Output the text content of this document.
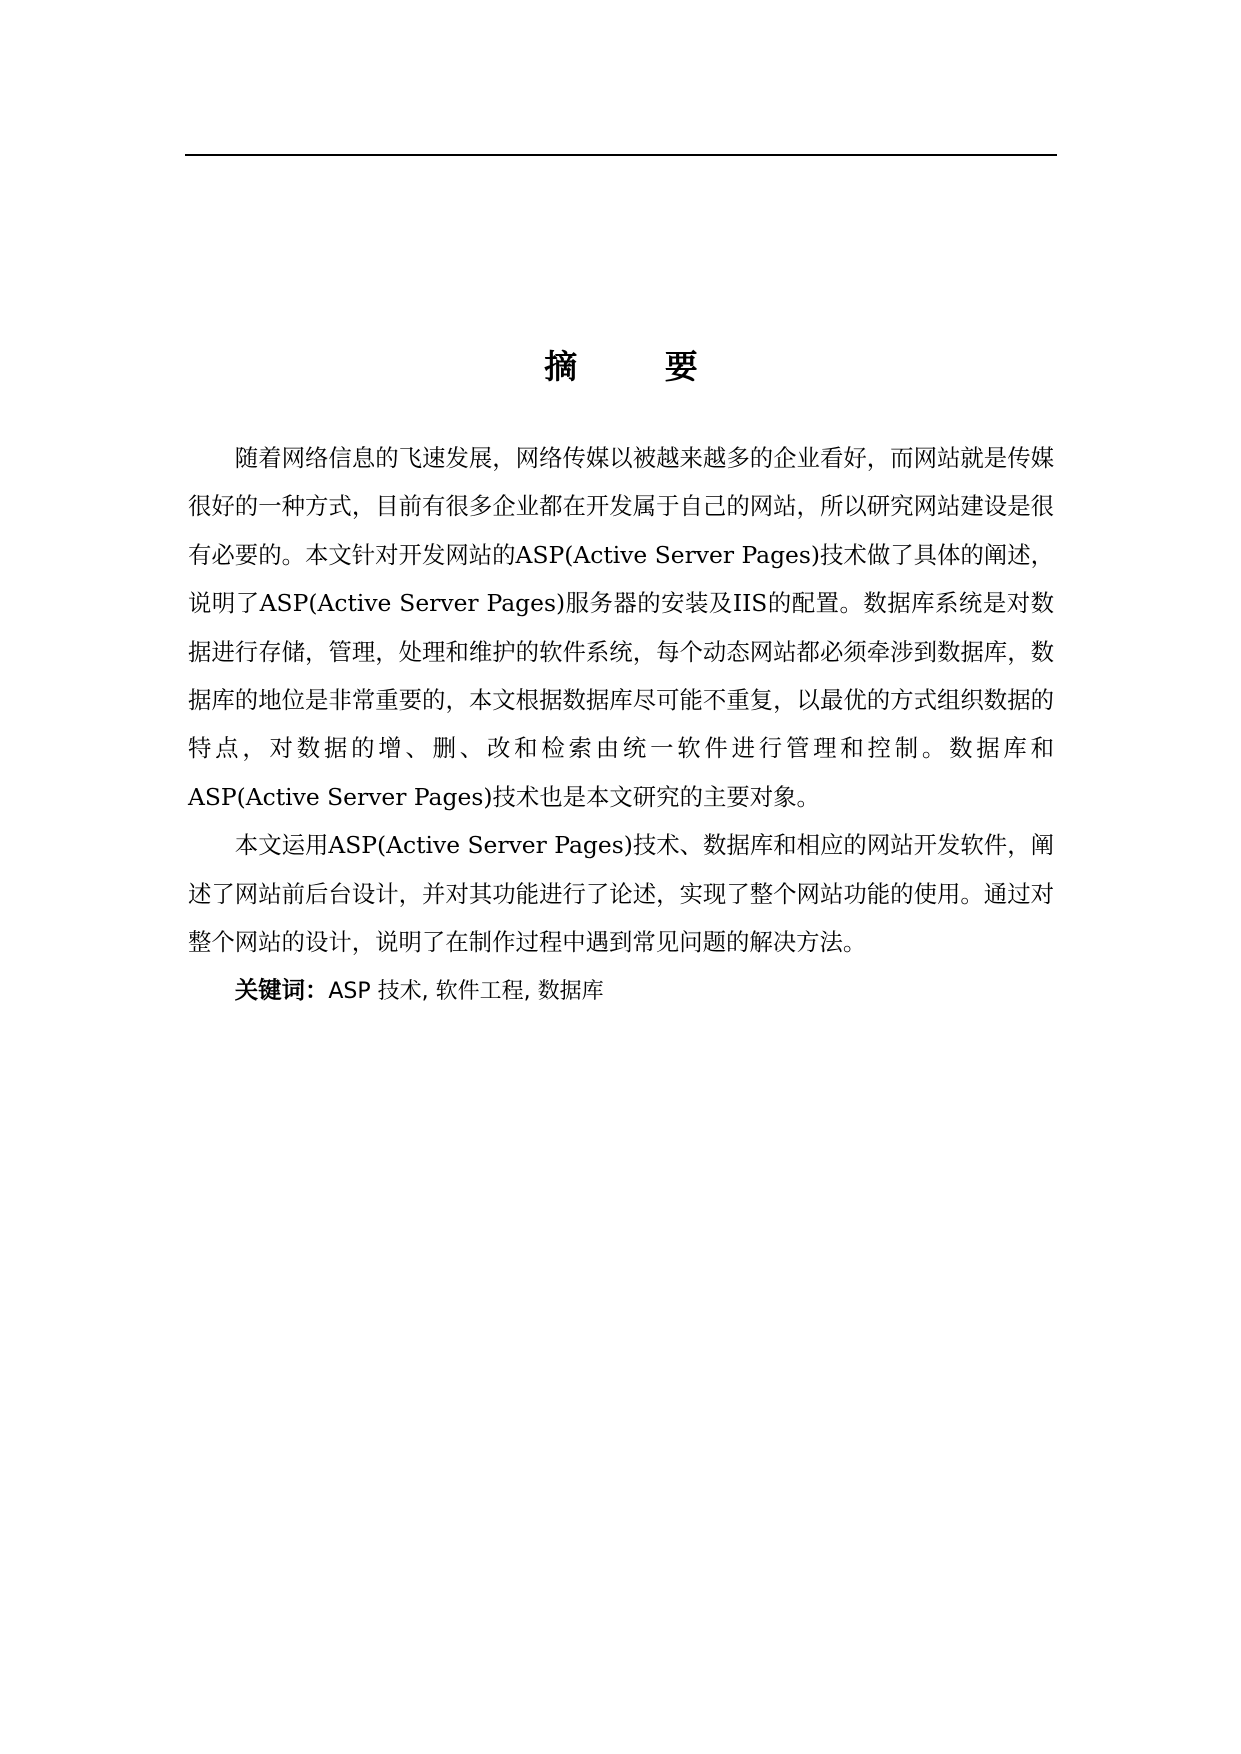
摘 要

随着网络信息的飞速发展，网络传媒以被越来越多的企业看好，而网站就是传媒很好的一种方式，目前有很多企业都在开发属于自己的网站，所以研究网站建设是很有必要的。本文针对开发网站的ASP(Active Server Pages)技术做了具体的阐述，说明了ASP(Active Server Pages)服务器的安装及IIS的配置。数据库系统是对数据进行存储，管理，处理和维护的软件系统，每个动态网站都必须牵涉到数据库，数据库的地位是非常重要的，本文根据数据库尽可能不重复，以最优的方式组织数据的特点，对数据的增、删、改和检索由统一软件进行管理和控制。数据库和ASP(Active Server Pages)技术也是本文研究的主要对象。

本文运用ASP(Active Server Pages)技术、数据库和相应的网站开发软件，阐述了网站前后台设计，并对其功能进行了论述，实现了整个网站功能的使用。通过对整个网站的设计，说明了在制作过程中遇到常见问题的解决方法。

关键词：ASP 技术, 软件工程, 数据库
